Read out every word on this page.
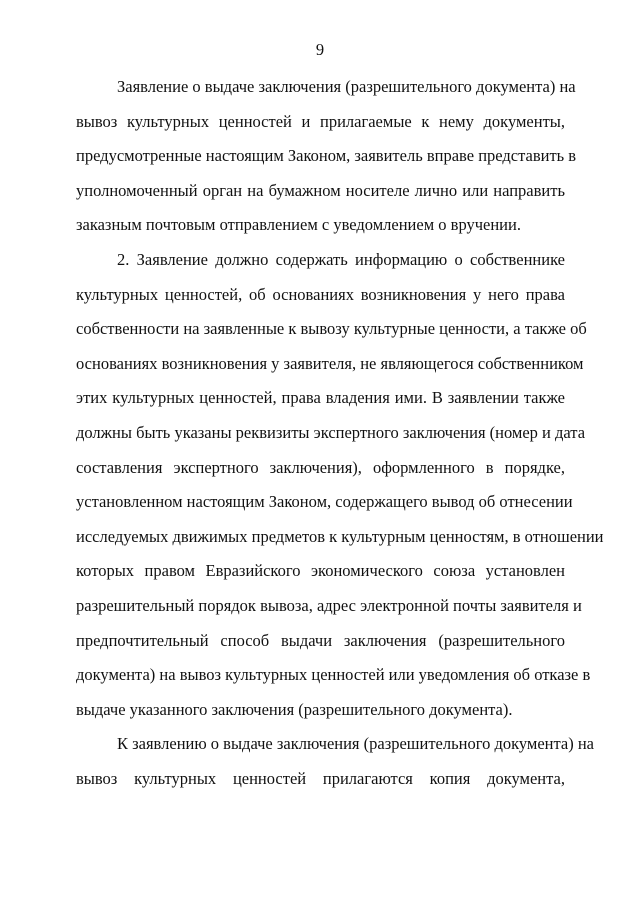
9
Заявление о выдаче заключения (разрешительного документа) на
вывоз культурных ценностей и прилагаемые к нему документы,
предусмотренные настоящим Законом, заявитель вправе представить в
уполномоченный орган на бумажном носителе лично или направить
заказным почтовым отправлением с уведомлением о вручении.
2. Заявление должно содержать информацию о собственнике
культурных ценностей, об основаниях возникновения у него права
собственности на заявленные к вывозу культурные ценности, а также об
основаниях возникновения у заявителя, не являющегося собственником
этих культурных ценностей, права владения ими. В заявлении также
должны быть указаны реквизиты экспертного заключения (номер и дата
составления экспертного заключения), оформленного в порядке,
установленном настоящим Законом, содержащего вывод об отнесении
исследуемых движимых предметов к культурным ценностям, в отношении
которых правом Евразийского экономического союза установлен
разрешительный порядок вывоза, адрес электронной почты заявителя и
предпочтительный способ выдачи заключения (разрешительного
документа) на вывоз культурных ценностей или уведомления об отказе в
выдаче указанного заключения (разрешительного документа).
К заявлению о выдаче заключения (разрешительного документа) на
вывоз культурных ценностей прилагаются копия документа,
